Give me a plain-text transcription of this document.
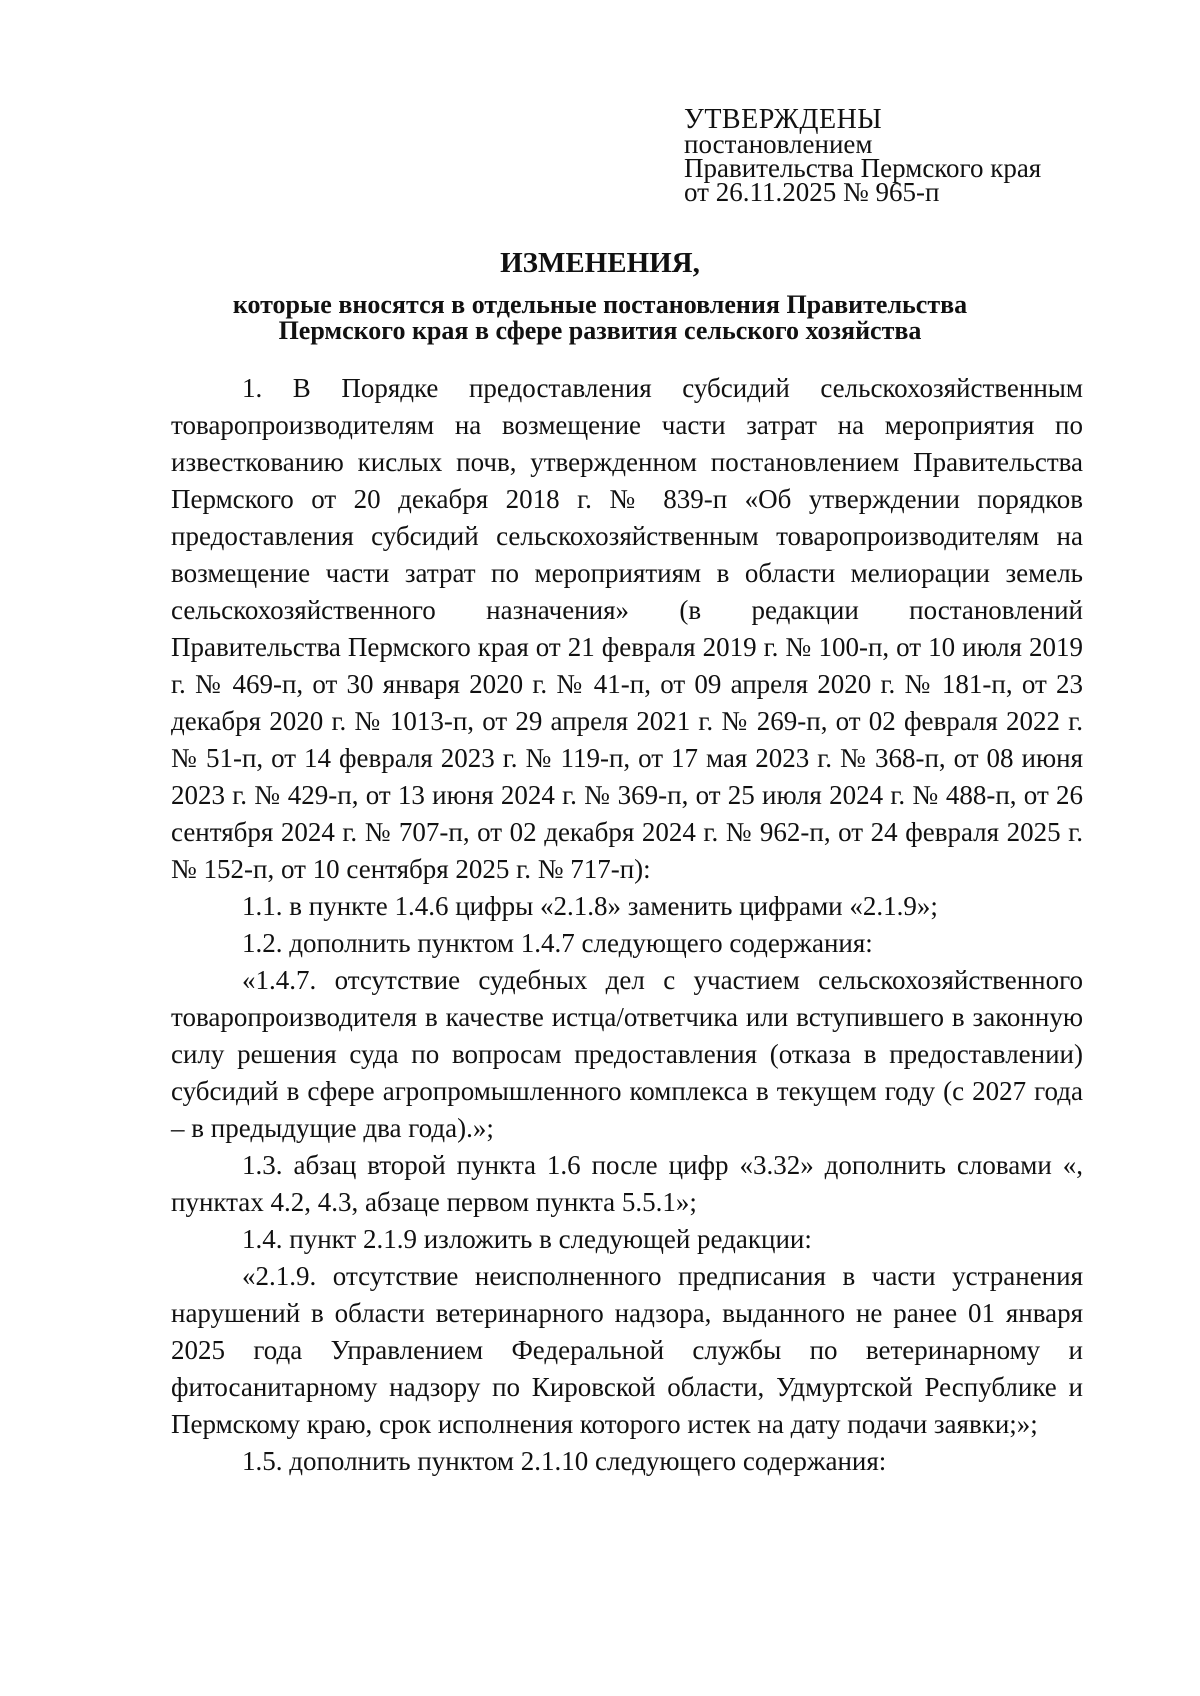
УТВЕРЖДЕНЫ
постановлением
Правительства Пермского края
от 26.11.2025 № 965-п
ИЗМЕНЕНИЯ,
которые вносятся в отдельные постановления Правительства
Пермского края в сфере развития сельского хозяйства

1. В Порядке предоставления субсидий сельскохозяйственным товаропроизводителям на возмещение части затрат на мероприятия по известкованию кислых почв, утвержденном постановлением Правительства Пермского от 20 декабря 2018 г. № 839-п «Об утверждении порядков предоставления субсидий сельскохозяйственным товаропроизводителям на возмещение части затрат по мероприятиям в области мелиорации земель сельскохозяйственного назначения» (в редакции постановлений Правительства Пермского края от 21 февраля 2019 г. № 100-п, от 10 июля 2019 г. № 469-п, от 30 января 2020 г. № 41-п, от 09 апреля 2020 г. № 181-п, от 23 декабря 2020 г. № 1013-п, от 29 апреля 2021 г. № 269-п, от 02 февраля 2022 г. № 51-п, от 14 февраля 2023 г. № 119-п, от 17 мая 2023 г. № 368-п, от 08 июня 2023 г. № 429-п, от 13 июня 2024 г. № 369-п, от 25 июля 2024 г. № 488-п, от 26 сентября 2024 г. № 707-п, от 02 декабря 2024 г. № 962-п, от 24 февраля 2025 г. № 152-п, от 10 сентября 2025 г. № 717-п):

1.1. в пункте 1.4.6 цифры «2.1.8» заменить цифрами «2.1.9»;

1.2. дополнить пунктом 1.4.7 следующего содержания:

«1.4.7. отсутствие судебных дел с участием сельскохозяйственного товаропроизводителя в качестве истца/ответчика или вступившего в законную силу решения суда по вопросам предоставления (отказа в предоставлении) субсидий в сфере агропромышленного комплекса в текущем году (с 2027 года – в предыдущие два года).»;

1.3. абзац второй пункта 1.6 после цифр «3.32» дополнить словами «, пунктах 4.2, 4.3, абзаце первом пункта 5.5.1»;

1.4. пункт 2.1.9 изложить в следующей редакции:

«2.1.9. отсутствие неисполненного предписания в части устранения нарушений в области ветеринарного надзора, выданного не ранее 01 января 2025 года Управлением Федеральной службы по ветеринарному и фитосанитарному надзору по Кировской области, Удмуртской Республике и Пермскому краю, срок исполнения которого истек на дату подачи заявки;»;

1.5. дополнить пунктом 2.1.10 следующего содержания:
